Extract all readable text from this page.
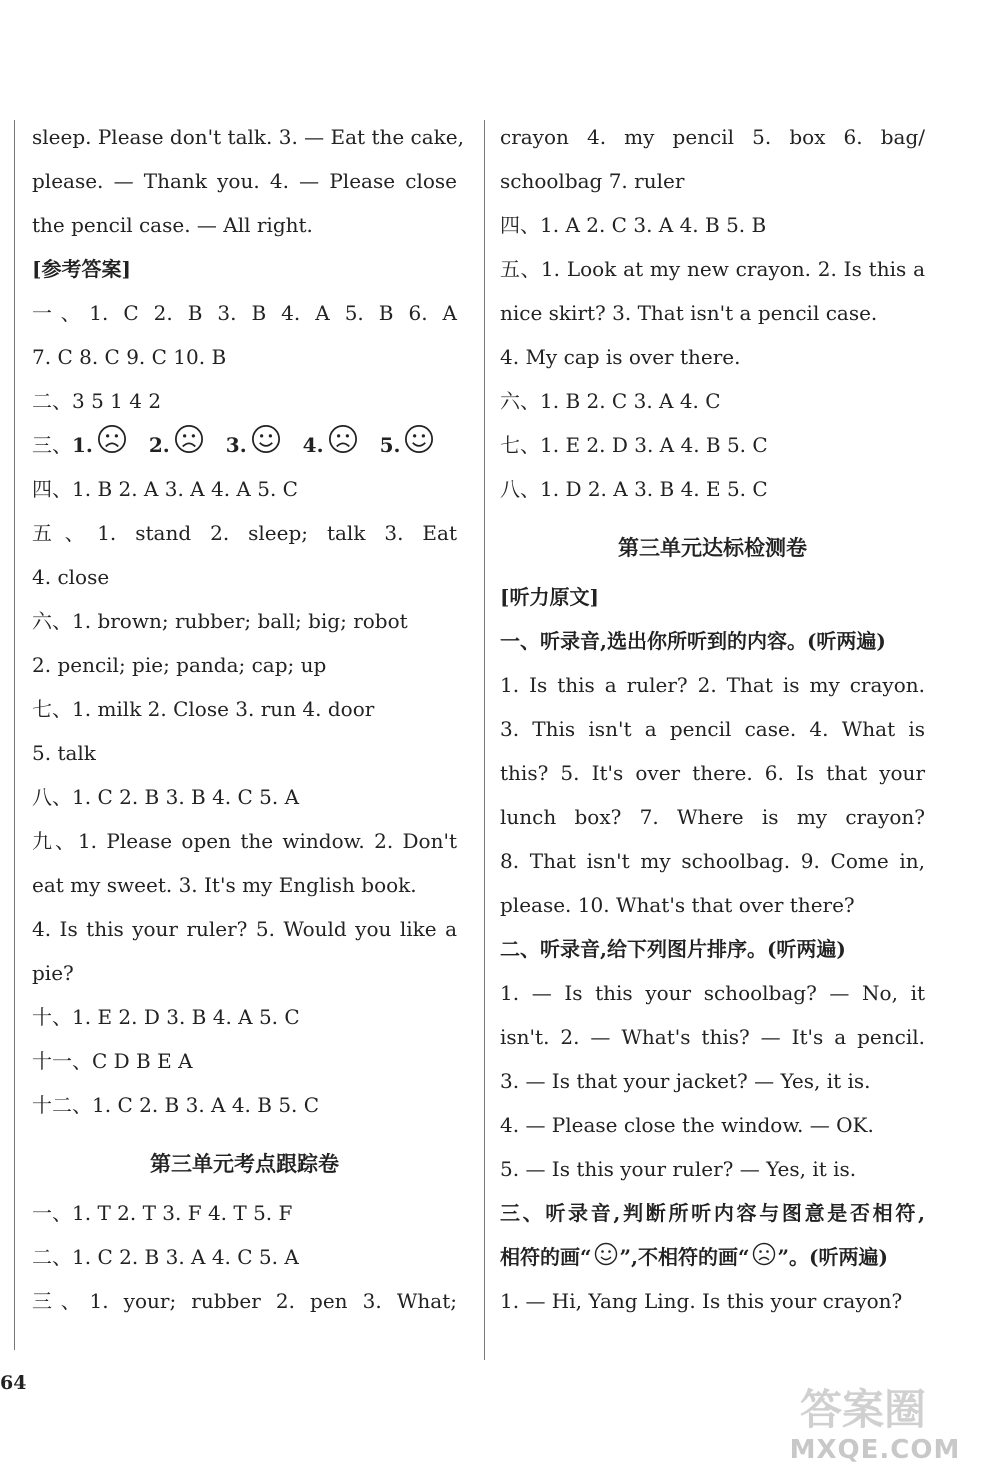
sleep. Please don't talk. 3. — Eat the cake,
please. — Thank you. 4. — Please close
the pencil case. — All right.
[参考答案]
一、1. C 2. B 3. B 4. A 5. B 6. A
7. C 8. C 9. C 10. B
二、3 5 1 4 2
三、1.	2.	3.	4.	5.
四、1. B 2. A 3. A 4. A 5. C
五、1. stand 2. sleep; talk 3. Eat
4. close
六、1. brown; rubber; ball; big; robot
2. pencil; pie; panda; cap; up
七、1. milk 2. Close 3. run 4. door
5. talk
八、1. C 2. B 3. B 4. C 5. A
九、1. Please open the window. 2. Don't
eat my sweet. 3. It's my English book.
4. Is this your ruler? 5. Would you like a
pie?
十、1. E 2. D 3. B 4. A 5. C
十一、C D B E A
十二、1. C 2. B 3. A 4. B 5. C
第三单元考点跟踪卷
一、1. T 2. T 3. F 4. T 5. F
二、1. C 2. B 3. A 4. C 5. A
三、1. your; rubber 2. pen 3. What;
crayon 4. my pencil 5. box 6. bag/
schoolbag 7. ruler
四、1. A 2. C 3. A 4. B 5. B
五、1. Look at my new crayon. 2. Is this a
nice skirt? 3. That isn't a pencil case.
4. My cap is over there.
六、1. B 2. C 3. A 4. C
七、1. E 2. D 3. A 4. B 5. C
八、1. D 2. A 3. B 4. E 5. C
第三单元达标检测卷
[听力原文]
一、听录音,选出你所听到的内容。(听两遍)
1. Is this a ruler? 2. That is my crayon.
3. This isn't a pencil case. 4. What is
this? 5. It's over there. 6. Is that your
lunch box? 7. Where is my crayon?
8. That isn't my schoolbag. 9. Come in,
please. 10. What's that over there?
二、听录音,给下列图片排序。(听两遍)
1. — Is this your schoolbag? — No, it
isn't. 2. — What's this? — It's a pencil.
3. — Is that your jacket? — Yes, it is.
4. — Please close the window. — OK.
5. — Is this your ruler? — Yes, it is.
三、听录音,判断所听内容与图意是否相符,
相符的画“ ”,不相符的画“ ”。(听两遍)
1. — Hi, Yang Ling. Is this your crayon?
64
答案圈
MXQE.COM
